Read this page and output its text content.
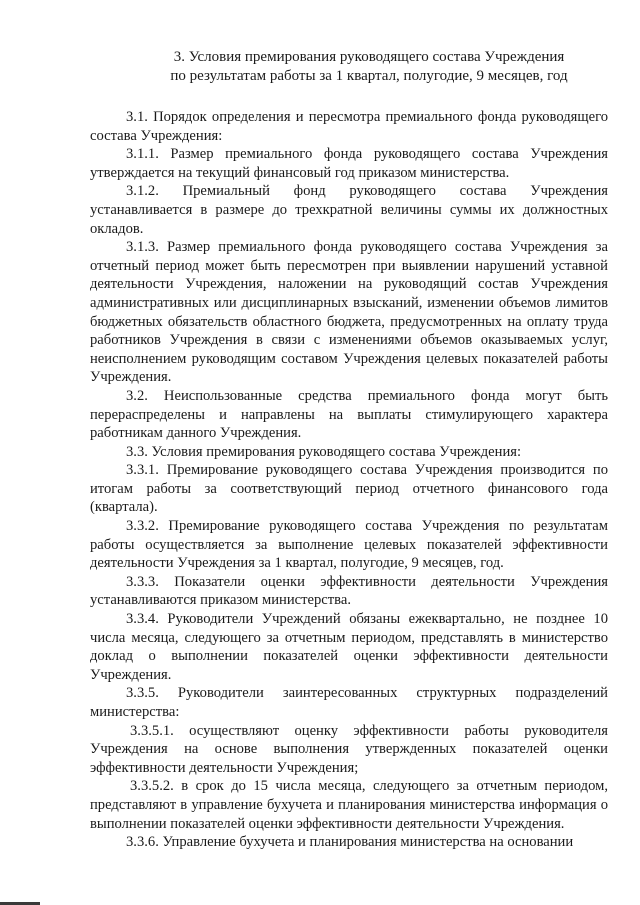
3. Условия премирования руководящего состава Учреждения
по результатам работы за 1 квартал, полугодие, 9 месяцев, год

3.1. Порядок определения и пересмотра премиального фонда руководящего состава Учреждения:

3.1.1. Размер премиального фонда руководящего состава Учреждения утверждается на текущий финансовый год приказом министерства.

3.1.2. Премиальный фонд руководящего состава Учреждения устанавливается в размере до трехкратной величины суммы их должностных окладов.

3.1.3. Размер премиального фонда руководящего состава Учреждения за отчетный период может быть пересмотрен при выявлении нарушений уставной деятельности Учреждения, наложении на руководящий состав Учреждения административных или дисциплинарных взысканий, изменении объемов лимитов бюджетных обязательств областного бюджета, предусмотренных на оплату труда работников Учреждения в связи с изменениями объемов оказываемых услуг, неисполнением руководящим составом Учреждения целевых показателей работы Учреждения.

3.2. Неиспользованные средства премиального фонда могут быть перераспределены и направлены на выплаты стимулирующего характера работникам данного Учреждения.

3.3. Условия премирования руководящего состава Учреждения:

3.3.1. Премирование руководящего состава Учреждения производится по итогам работы за соответствующий период отчетного финансового года (квартала).

3.3.2. Премирование руководящего состава Учреждения по результатам работы осуществляется за выполнение целевых показателей эффективности деятельности Учреждения за 1 квартал, полугодие, 9 месяцев, год.

3.3.3. Показатели оценки эффективности деятельности Учреждения устанавливаются приказом министерства.

3.3.4. Руководители Учреждений обязаны ежеквартально, не позднее 10 числа месяца, следующего за отчетным периодом, представлять в министерство доклад о выполнении показателей оценки эффективности деятельности Учреждения.

3.3.5. Руководители заинтересованных структурных подразделений министерства:

3.3.5.1. осуществляют оценку эффективности работы руководителя Учреждения на основе выполнения утвержденных показателей оценки эффективности деятельности Учреждения;

3.3.5.2. в срок до 15 числа месяца, следующего за отчетным периодом, представляют в управление бухучета и планирования министерства информация о выполнении показателей оценки эффективности деятельности Учреждения.

3.3.6. Управление бухучета и планирования министерства на основании
